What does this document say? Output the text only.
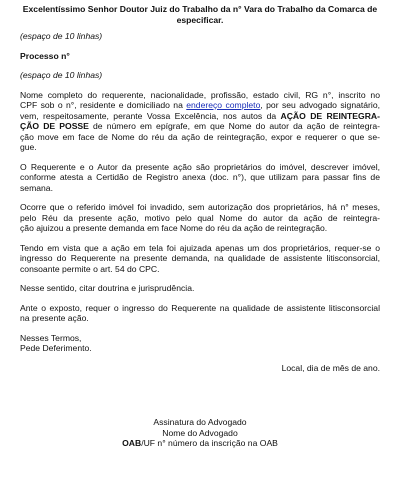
Excelentíssimo Senhor Doutor Juiz do Trabalho da n° Vara do Trabalho da Comarca de especificar.
(espaço de 10 linhas)
Processo n°
(espaço de 10 linhas)
Nome completo do requerente, nacionalidade, profissão, estado civil, RG n°, inscrito no
CPF sob o n°, residente e domiciliado na endereço completo, por seu advogado signatário,
vem, respeitosamente, perante Vossa Excelência, nos autos da AÇÃO DE REINTEGRA-
ÇÃO DE POSSE de número em epígrafe, em que Nome do autor da ação de reintegra-
ção move em face de Nome do réu da ação de reintegração, expor e requerer o que se-
gue.
O Requerente e o Autor da presente ação são proprietários do imóvel, descrever imóvel,
conforme atesta a Certidão de Registro anexa (doc. n°), que utilizam para passar fins de
semana.
Ocorre que o referido imóvel foi invadido, sem autorização dos proprietários, há n° meses,
pelo Réu da presente ação, motivo pelo qual Nome do autor da ação de reintegra-
ção ajuizou a presente demanda em face Nome do réu da ação de reintegração.
Tendo em vista que a ação em tela foi ajuizada apenas um dos proprietários, requer-se o
ingresso do Requerente na presente demanda, na qualidade de assistente litisconsorcial,
consoante permite o art. 54 do CPC.
Nesse sentido, citar doutrina e jurisprudência.
Ante o exposto, requer o ingresso do Requerente na qualidade de assistente litisconsorcial
na presente ação.
Nesses Termos,
Pede Deferimento.
Local, dia de mês de ano.
Assinatura do Advogado
Nome do Advogado
OAB/UF n° número da inscrição na OAB
